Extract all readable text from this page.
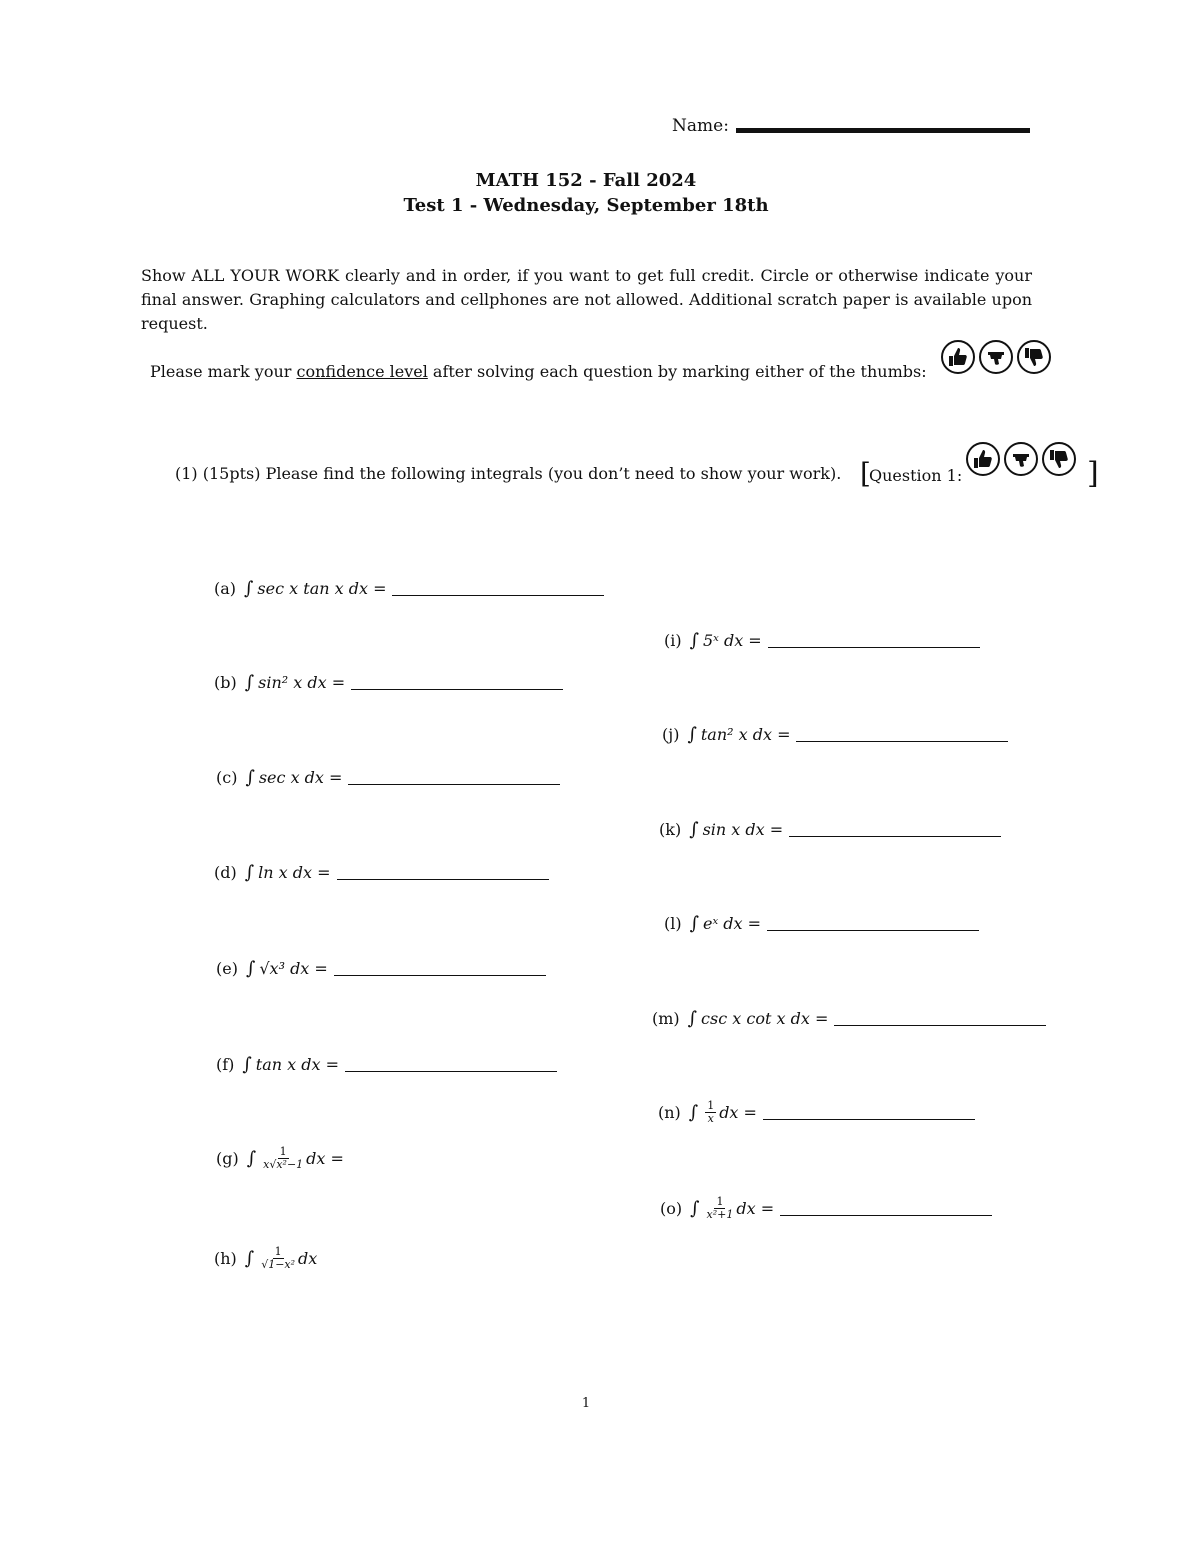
Name:
MATH 152 - Fall 2024
Test 1 - Wednesday, September 18th
Show ALL YOUR WORK clearly and in order, if you want to get full credit. Circle or otherwise indicate your final answer. Graphing calculators and cellphones are not allowed. Additional scratch paper is available upon request.
Please mark your confidence level after solving each question by marking either of the thumbs:
(1) (15pts) Please find the following integrals (you don’t need to show your work). [
Question 1:	]
(a) ∫ sec x tan x dx =
(b) ∫ sin² x dx =
(c) ∫ sec x dx =
(d) ∫ ln x dx =
(e) ∫ √x³ dx =
(f) ∫ tan x dx =
(g) ∫ $\frac{1}{\text{x√x²−1}}$ dx =
(h) ∫ $\frac{1}{\text{√1−x²}}$ dx
(i) ∫ 5ˣ dx =
(j) ∫ tan² x dx =
(k) ∫ sin x dx =
(l) ∫ eˣ dx =
(m) ∫ csc x cot x dx =
(n) ∫ $\frac{1}{x}$ dx =
(o) ∫ $\frac{1}{\text{x²+1}}$ dx =
1
